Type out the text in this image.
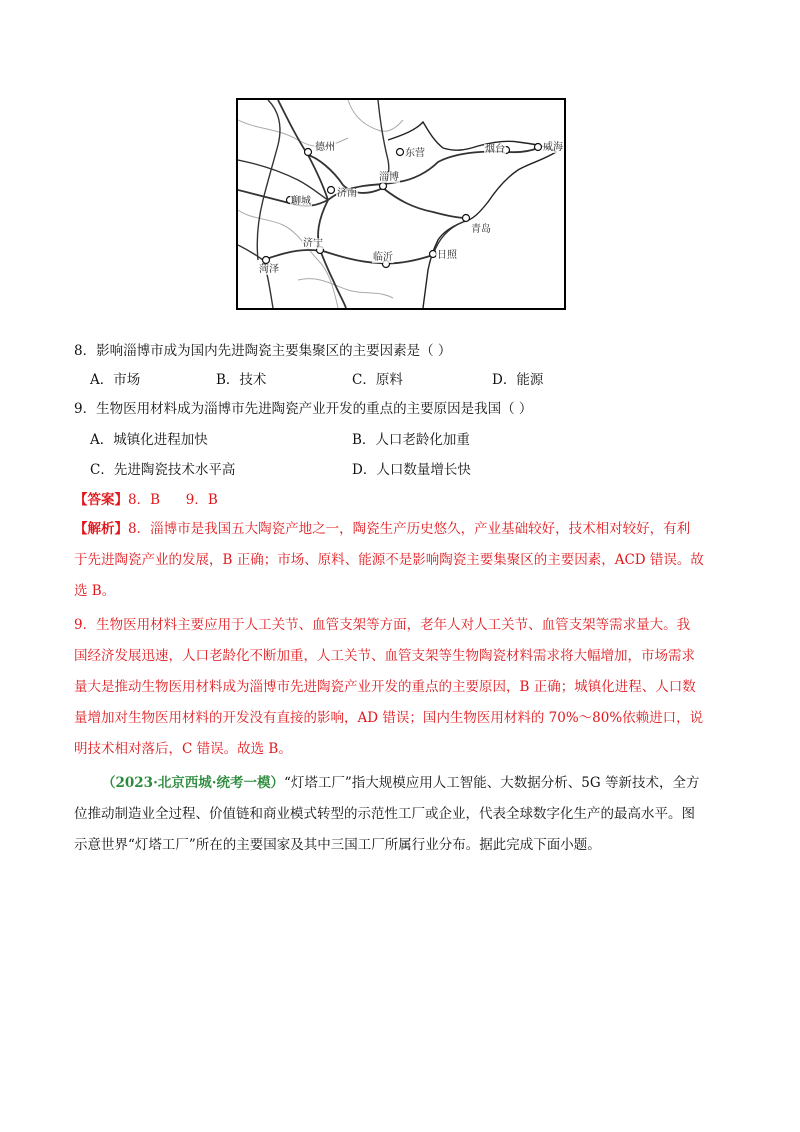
德州
东营	烟台	威海
淄博
济南
聊城
青岛
济宁
菏泽
临沂	日照
8．影响淄博市成为国内先进陶瓷主要集聚区的主要因素是（ ）
A．市场	B．技术	C．原料	D．能源
9．生物医用材料成为淄博市先进陶瓷产业开发的重点的主要原因是我国（ ）
A．城镇化进程加快	B．人口老龄化加重
C．先进陶瓷技术水平高	D．人口数量增长快
【答案】8．B      9．B
【解析】8．淄博市是我国五大陶瓷产地之一，陶瓷生产历史悠久，产业基础较好，技术相对较好，有利
于先进陶瓷产业的发展，B 正确；市场、原料、能源不是影响陶瓷主要集聚区的主要因素，ACD 错误。故
选 B。
9．生物医用材料主要应用于人工关节、血管支架等方面，老年人对人工关节、血管支架等需求量大。我
国经济发展迅速，人口老龄化不断加重，人工关节、血管支架等生物陶瓷材料需求将大幅增加，市场需求
量大是推动生物医用材料成为淄博市先进陶瓷产业开发的重点的主要原因，B 正确；城镇化进程、人口数
量增加对生物医用材料的开发没有直接的影响，AD 错误；国内生物医用材料的 70%～80%依赖进口，说
明技术相对落后，C 错误。故选 B。
（2023·北京西城·统考一模）“灯塔工厂”指大规模应用人工智能、大数据分析、5G 等新技术，全方
位推动制造业全过程、价值链和商业模式转型的示范性工厂或企业，代表全球数字化生产的最高水平。图
示意世界“灯塔工厂”所在的主要国家及其中三国工厂所属行业分布。据此完成下面小题。
